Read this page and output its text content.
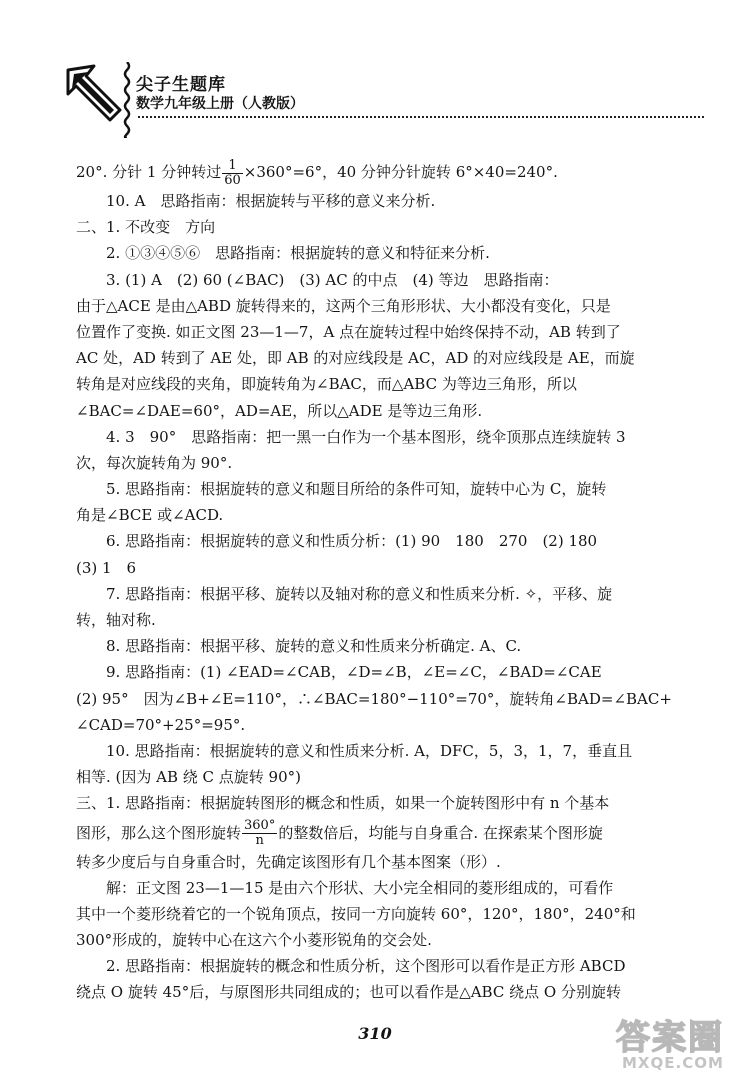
尖子生题库
数学九年级上册（人教版）
20°. 分针 1 分钟转过 $\frac{1}{60} \times 360^\circ=6^\circ$，40 分钟分针旋转 6°×40=240°.
10. A　思路指南：根据旋转与平移的意义来分析.
二、1. 不改变　方向
2. ①③④⑤⑥　思路指南：根据旋转的意义和特征来分析.
3. (1) A　(2) 60 (∠BAC)　(3) AC 的中点　(4) 等边　思路指南：
由于△ACE 是由△ABD 旋转得来的，这两个三角形形状、大小都没有变化，只是
位置作了变换. 如正文图 23—1—7，A 点在旋转过程中始终保持不动，AB 转到了
AC 处，AD 转到了 AE 处，即 AB 的对应线段是 AC，AD 的对应线段是 AE，而旋
转角是对应线段的夹角，即旋转角为∠BAC，而△ABC 为等边三角形，所以
∠BAC=∠DAE=60°，AD=AE，所以△ADE 是等边三角形.
4. 3　90°　思路指南：把一黑一白作为一个基本图形，绕伞顶那点连续旋转 3
次，每次旋转角为 90°.
5. 思路指南：根据旋转的意义和题目所给的条件可知，旋转中心为 C，旋转
角是∠BCE 或∠ACD.
6. 思路指南：根据旋转的意义和性质分析：(1) 90　180　270　(2) 180
(3) 1　6
7. 思路指南：根据平移、旋转以及轴对称的意义和性质来分析. ✧，平移、旋
转，轴对称.
8. 思路指南：根据平移、旋转的意义和性质来分析确定. A、C.
9. 思路指南：(1) ∠EAD=∠CAB，∠D=∠B，∠E=∠C，∠BAD=∠CAE
(2) 95°　因为∠B+∠E=110°，∴∠BAC=180°−110°=70°，旋转角∠BAD=∠BAC+
∠CAD=70°+25°=95°.
10. 思路指南：根据旋转的意义和性质来分析. A，DFC，5，3，1，7，垂直且
相等. (因为 AB 绕 C 点旋转 90°)
三、1. 思路指南：根据旋转图形的概念和性质，如果一个旋转图形中有 n 个基本
图形，那么这个图形旋转 $\frac{360^\circ}{n}$ 的整数倍后，均能与自身重合. 在探索某个图形旋
转多少度后与自身重合时，先确定该图形有几个基本图案（形）.
解：正文图 23—1—15 是由六个形状、大小完全相同的菱形组成的，可看作
其中一个菱形绕着它的一个锐角顶点，按同一方向旋转 60°，120°，180°，240°和
300°形成的，旋转中心在这六个小菱形锐角的交会处.
2. 思路指南：根据旋转的概念和性质分析，这个图形可以看作是正方形 ABCD
绕点 O 旋转 45°后，与原图形共同组成的；也可以看作是△ABC 绕点 O 分别旋转
310	答案圈
MXQE.COM
